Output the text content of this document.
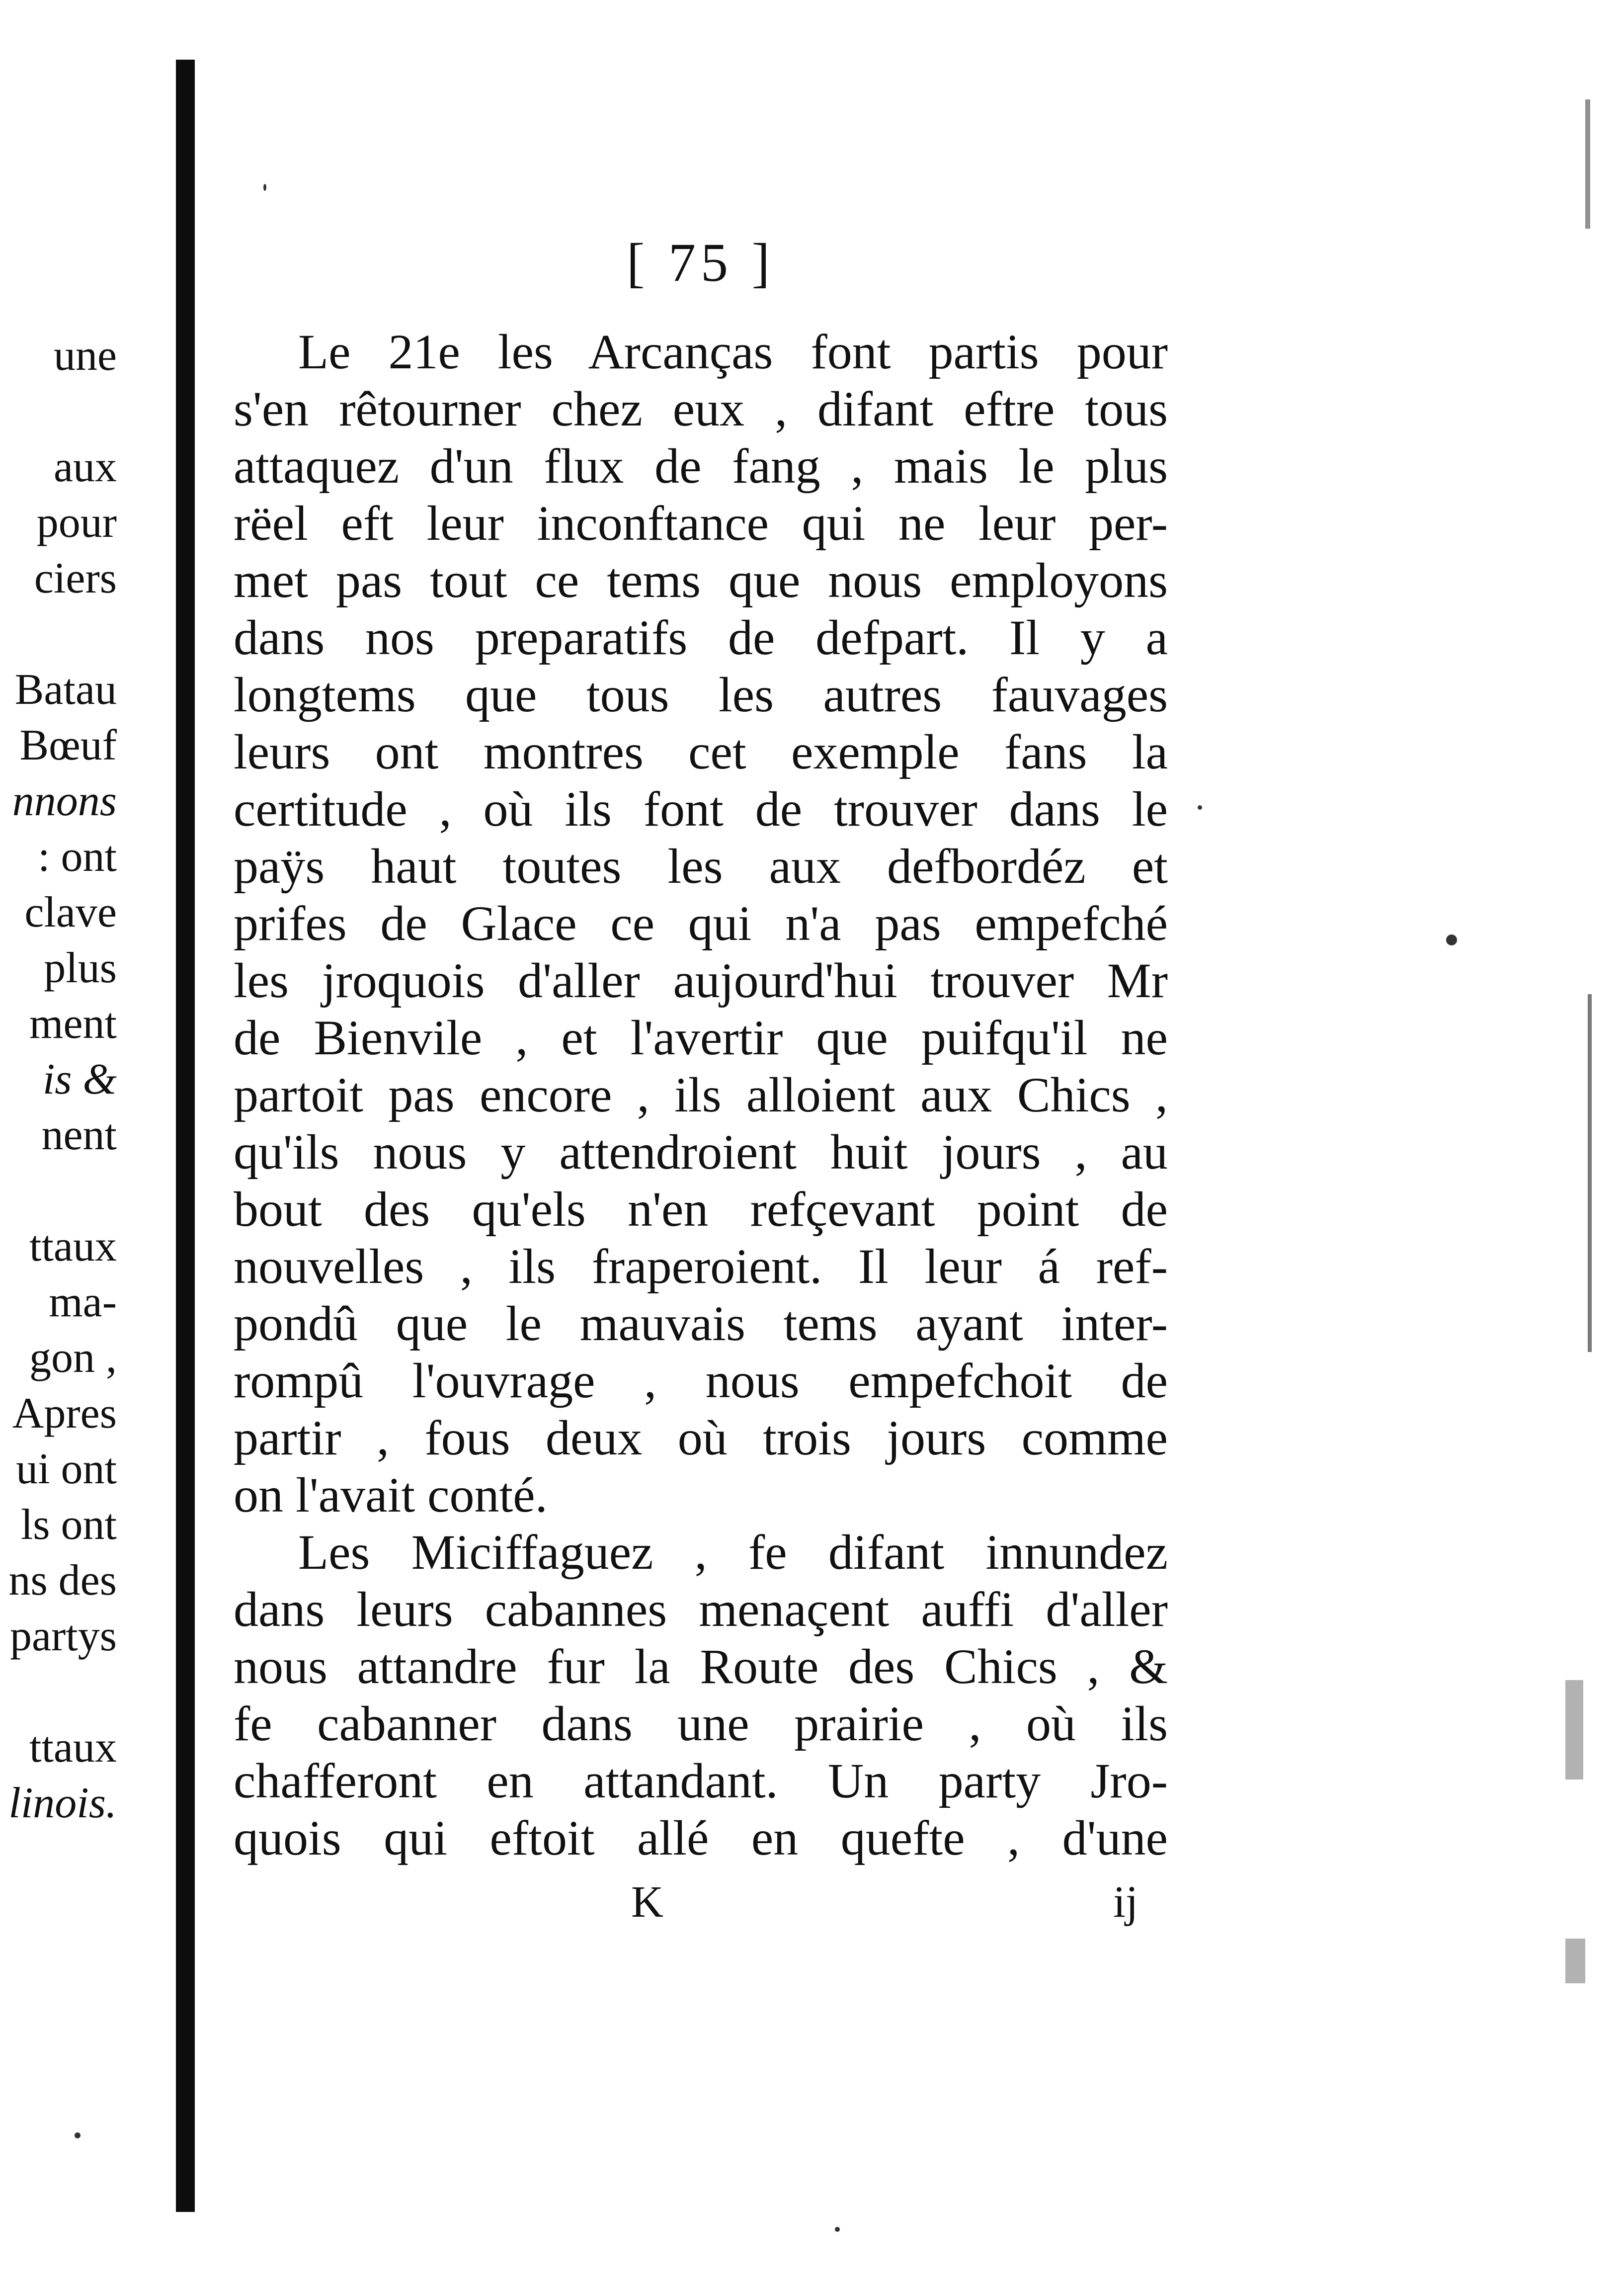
une
aux
pour
ciers
Batau
Bœuf
nnons
: ont
clave
plus
ment
is &
nent
ttaux
ma-
gon ,
Apres
ui ont
ls ont
ns des
partys
ttaux
linois.
[ 75 ]
Le 21e les Arcanças font partis pour
s'en rêtourner chez eux , difant eftre tous
attaquez d'un flux de fang , mais le plus
rëel eft leur inconftance qui ne leur per-
met pas tout ce tems que nous employons
dans nos preparatifs de defpart. Il y a
longtems que tous les autres fauvages
leurs ont montres cet exemple fans la
certitude , où ils font de trouver dans le
paÿs haut toutes les aux defbordéz et
prifes de Glace ce qui n'a pas empefché
les jroquois d'aller aujourd'hui trouver Mr
de Bienvile , et l'avertir que puifqu'il ne
partoit pas encore , ils alloient aux Chics ,
qu'ils nous y attendroient huit jours , au
bout des qu'els n'en refçevant point de
nouvelles , ils fraperoient. Il leur á ref-
pondû que le mauvais tems ayant inter-
rompû l'ouvrage , nous empefchoit de
partir , fous deux où trois jours comme
on l'avait conté.
Les Miciffaguez , fe difant innundez
dans leurs cabannes menaçent auffi d'aller
nous attandre fur la Route des Chics , &
fe cabanner dans une prairie , où ils
chafferont en attandant. Un party Jro-
quois qui eftoit allé en quefte , d'une
K	ij
